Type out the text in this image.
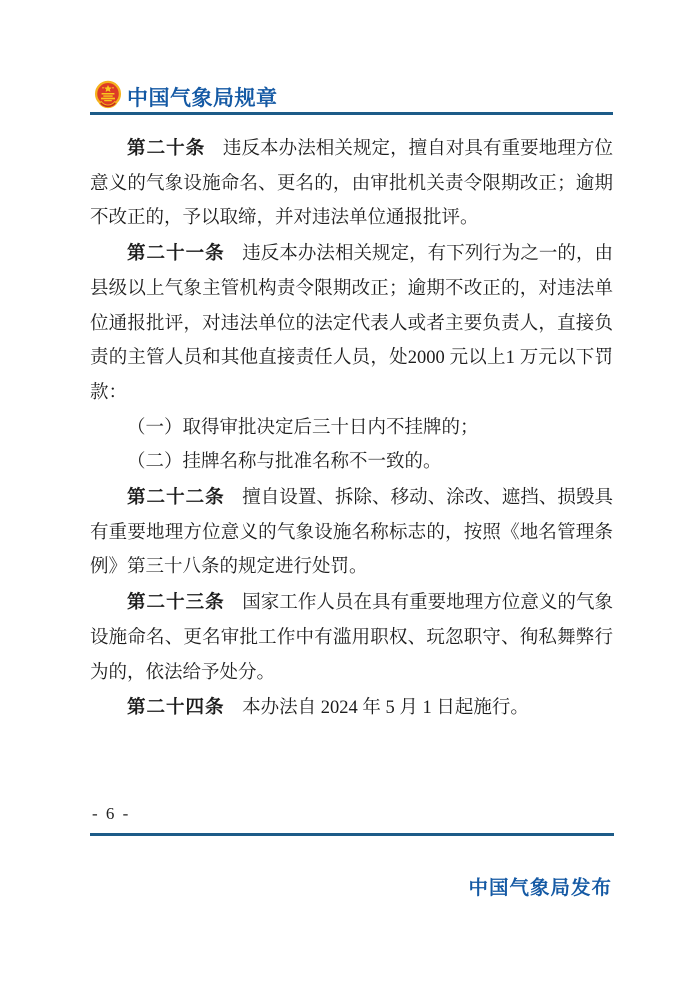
中国气象局规章

第二十条 违反本办法相关规定，擅自对具有重要地理方位意义的气象设施命名、更名的，由审批机关责令限期改正；逾期不改正的，予以取缔，并对违法单位通报批评。

第二十一条 违反本办法相关规定，有下列行为之一的，由县级以上气象主管机构责令限期改正；逾期不改正的，对违法单位通报批评，对违法单位的法定代表人或者主要负责人，直接负责的主管人员和其他直接责任人员，处2000 元以上1 万元以下罚款：

（一）取得审批决定后三十日内不挂牌的；

（二）挂牌名称与批准名称不一致的。

第二十二条 擅自设置、拆除、移动、涂改、遮挡、损毁具有重要地理方位意义的气象设施名称标志的，按照《地名管理条例》第三十八条的规定进行处罚。

第二十三条 国家工作人员在具有重要地理方位意义的气象设施命名、更名审批工作中有滥用职权、玩忽职守、徇私舞弊行为的，依法给予处分。

第二十四条 本办法自 2024 年 5 月 1 日起施行。

- 6 -
中国气象局发布
